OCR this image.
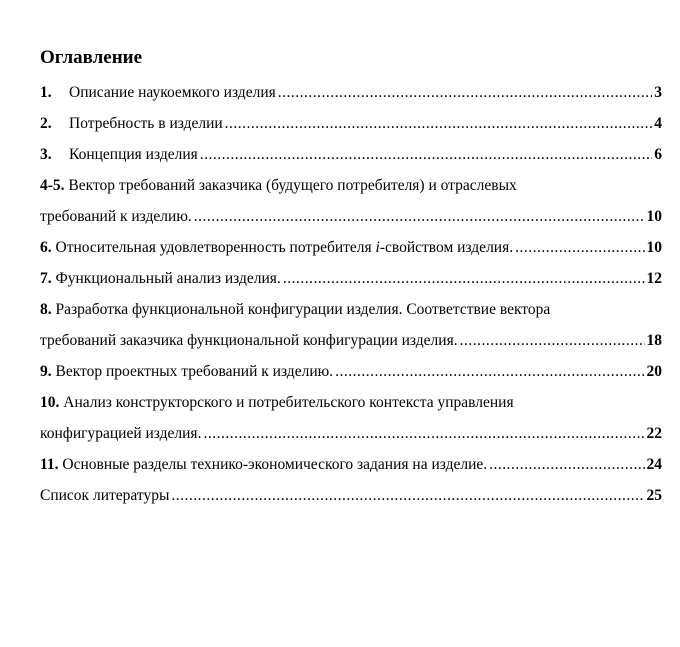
Оглавление
1. Описание наукоемкого изделия .....	3
2. Потребность в изделии .....	4
3. Концепция изделия .....	6
4-5. Вектор требований заказчика (будущего потребителя) и отраслевых
требований к изделию. .....	10
6. Относительная удовлетворенность потребителя i-свойством изделия. .....	10
7. Функциональный анализ изделия. .....	12
8. Разработка функциональной конфигурации изделия. Соответствие вектора
требований заказчика функциональной конфигурации изделия. .....	18
9. Вектор проектных требований к изделию. .....	20
10. Анализ конструкторского и потребительского контекста управления
конфигурацией изделия. .....	22
11. Основные разделы технико-экономического задания на изделие. .....	24
Список литературы .....	25
